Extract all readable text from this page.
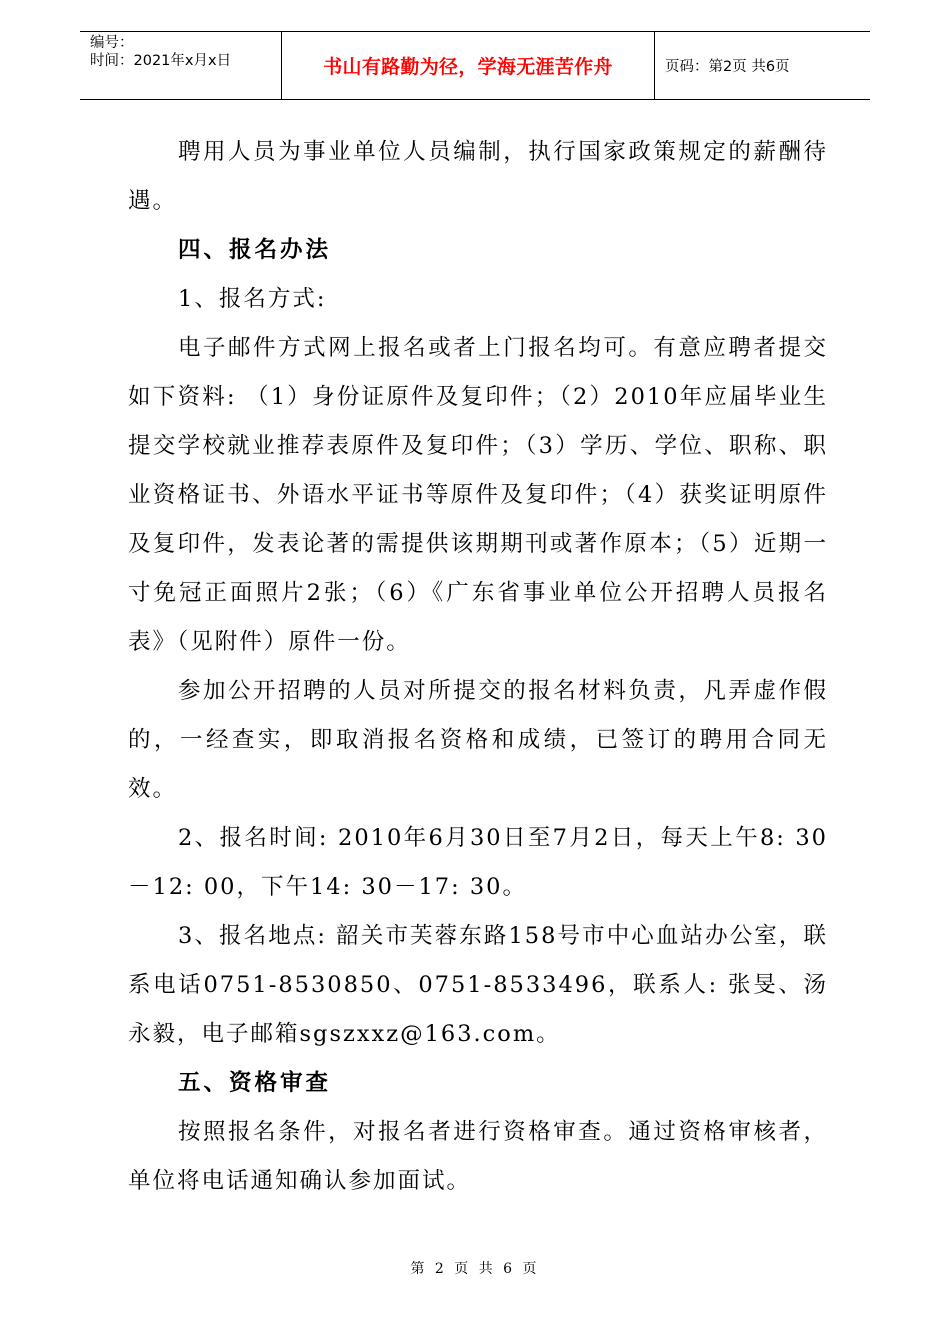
编号：
时间：2021年x月x日	书山有路勤为径，学海无涯苦作舟	页码：第2页 共6页

聘用人员为事业单位人员编制，执行国家政策规定的薪酬待遇。

四、报名办法

1、报名方式:

电子邮件方式网上报名或者上门报名均可。有意应聘者提交如下资料: （1）身份证原件及复印件；（2）2010年应届毕业生提交学校就业推荐表原件及复印件；（3）学历、学位、职称、职业资格证书、外语水平证书等原件及复印件；（4）获奖证明原件及复印件，发表论著的需提供该期期刊或著作原本；（5）近期一寸免冠正面照片2张；（6）《广东省事业单位公开招聘人员报名表》（见附件）原件一份。

参加公开招聘的人员对所提交的报名材料负责，凡弄虚作假的，一经查实，即取消报名资格和成绩，已签订的聘用合同无效。

2、报名时间: 2010年6月30日至7月2日，每天上午8: 30－12: 00，下午14: 30－17: 30。

3、报名地点: 韶关市芙蓉东路158号市中心血站办公室，联系电话0751-8530850、0751-8533496，联系人: 张旻、汤永毅，电子邮箱sgszxxz@163.com。

五、资格审查

按照报名条件，对报名者进行资格审查。通过资格审核者，单位将电话通知确认参加面试。

第 2 页 共 6 页
